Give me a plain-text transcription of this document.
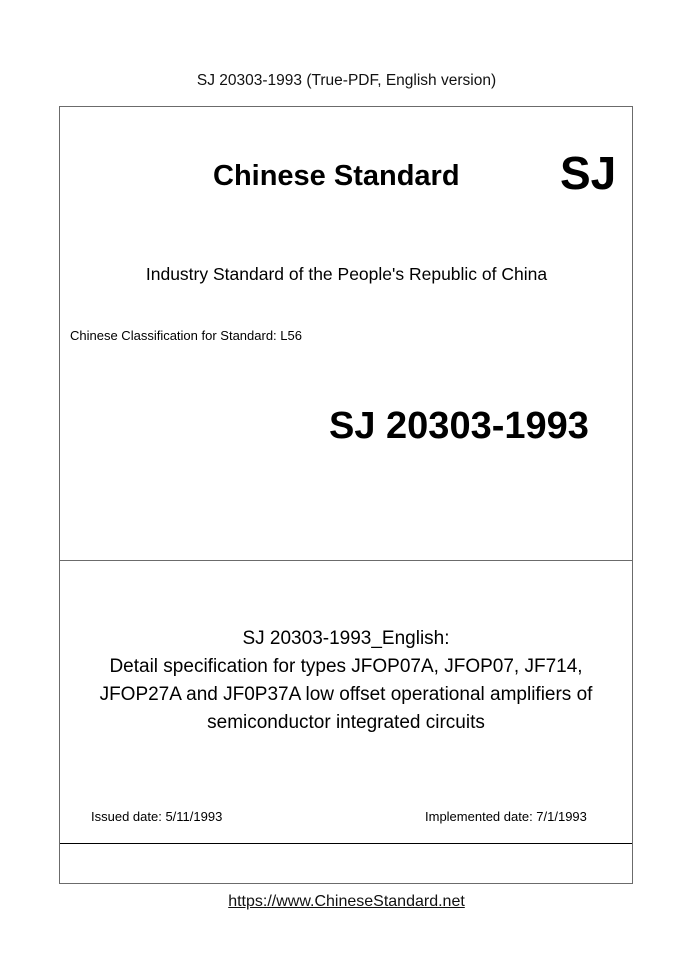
SJ 20303-1993 (True-PDF, English version)
Chinese Standard SJ
Industry Standard of the People's Republic of China
Chinese Classification for Standard: L56
SJ 20303-1993
SJ 20303-1993_English:
Detail specification for types JFOP07A, JFOP07, JF714,
JFOP27A and JF0P37A low offset operational amplifiers of
semiconductor integrated circuits
Issued date: 5/11/1993	Implemented date: 7/1/1993
https://www.ChineseStandard.net
